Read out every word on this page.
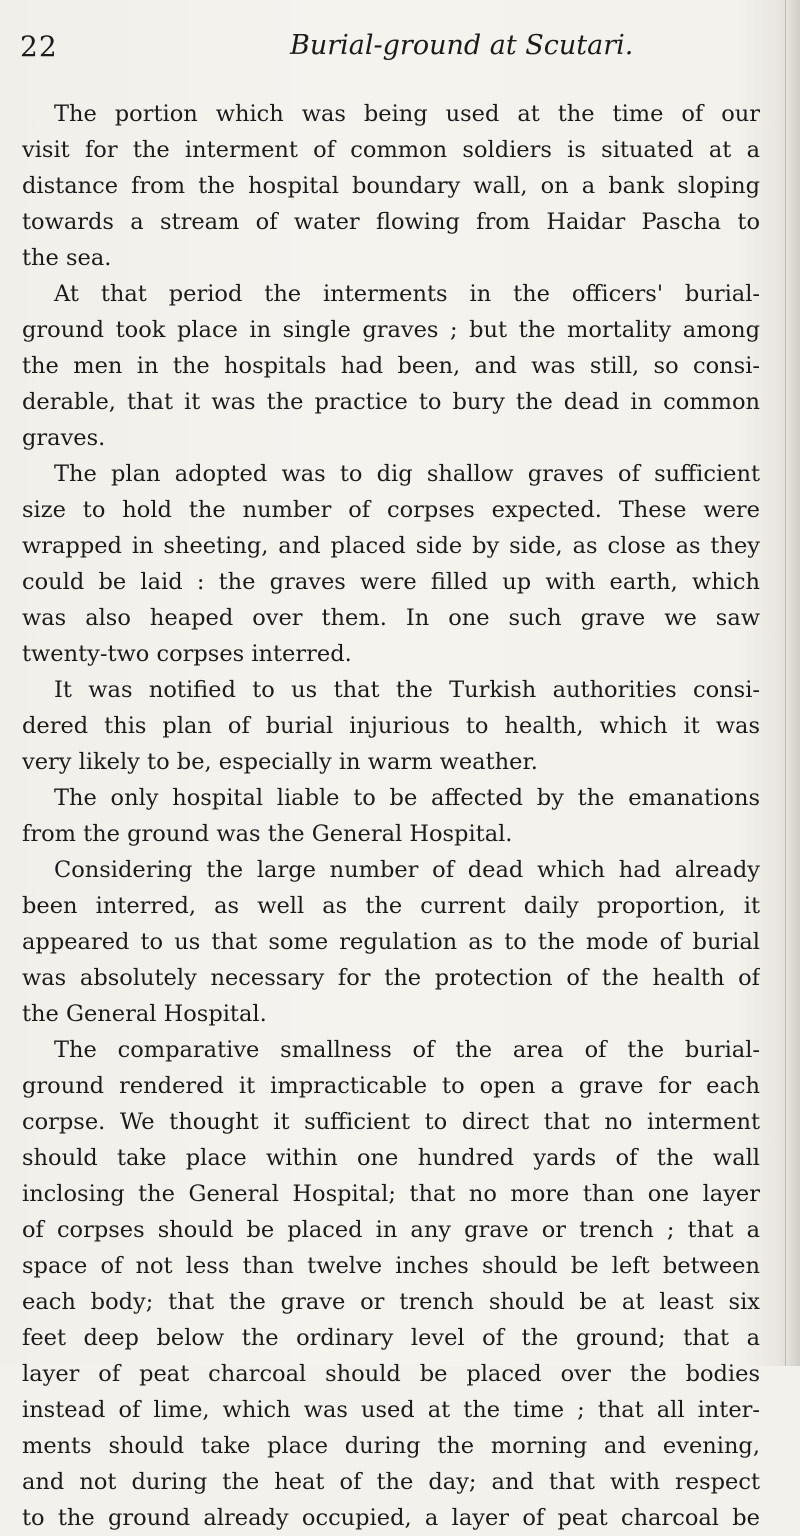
22	Burial-ground at Scutari.
The portion which was being used at the time of our
visit for the interment of common soldiers is situated at a
distance from the hospital boundary wall, on a bank sloping
towards a stream of water flowing from Haidar Pascha to
the sea.
At that period the interments in the officers' burial-
ground took place in single graves ; but the mortality among
the men in the hospitals had been, and was still, so consi-
derable, that it was the practice to bury the dead in common
graves.
The plan adopted was to dig shallow graves of sufficient
size to hold the number of corpses expected. These were
wrapped in sheeting, and placed side by side, as close as they
could be laid : the graves were filled up with earth, which
was also heaped over them. In one such grave we saw
twenty-two corpses interred.
It was notified to us that the Turkish authorities consi-
dered this plan of burial injurious to health, which it was
very likely to be, especially in warm weather.
The only hospital liable to be affected by the emanations
from the ground was the General Hospital.
Considering the large number of dead which had already
been interred, as well as the current daily proportion, it
appeared to us that some regulation as to the mode of burial
was absolutely necessary for the protection of the health of
the General Hospital.
The comparative smallness of the area of the burial-
ground rendered it impracticable to open a grave for each
corpse. We thought it sufficient to direct that no interment
should take place within one hundred yards of the wall
inclosing the General Hospital; that no more than one layer
of corpses should be placed in any grave or trench ; that a
space of not less than twelve inches should be left between
each body; that the grave or trench should be at least six
feet deep below the ordinary level of the ground; that a
layer of peat charcoal should be placed over the bodies
instead of lime, which was used at the time ; that all inter-
ments should take place during the morning and evening,
and not during the heat of the day; and that with respect
to the ground already occupied, a layer of peat charcoal be
